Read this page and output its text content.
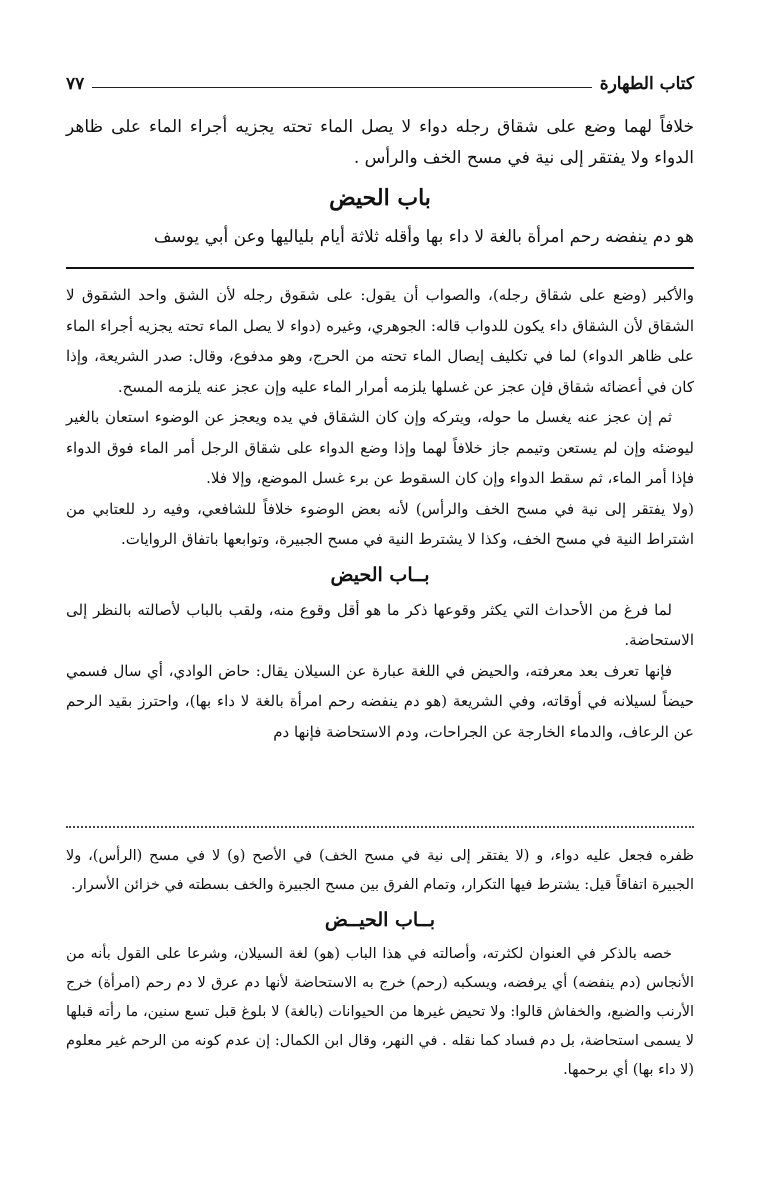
كتاب الطهارة
٧٧

خلافاً لهما وضع على شقاق رجله دواء لا يصل الماء تحته يجزيه أجراء الماء على ظاهر الدواء ولا يفتقر إلى نية في مسح الخف والرأس .

باب الحيض

هو دم ينفضه رحم امرأة بالغة لا داء بها وأقله ثلاثة أيام بلياليها وعن أبي يوسف

والأكبر (وضع على شقاق رجله)، والصواب أن يقول: على شقوق رجله لأن الشق واحد الشقوق لا الشقاق لأن الشقاق داء يكون للدواب قاله: الجوهري، وغيره (دواء لا يصل الماء تحته يجزيه أجراء الماء على ظاهر الدواء) لما في تكليف إيصال الماء تحته من الحرج، وهو مدفوع، وقال: صدر الشريعة، وإذا كان في أعضائه شقاق فإن عجز عن غسلها يلزمه أمرار الماء عليه وإن عجز عنه يلزمه المسح.

ثم إن عجز عنه يغسل ما حوله، ويتركه وإن كان الشقاق في يده ويعجز عن الوضوء استعان بالغير ليوضئه وإن لم يستعن وتيمم جاز خلافاً لهما وإذا وضع الدواء على شقاق الرجل أمر الماء فوق الدواء فإذا أمر الماء، ثم سقط الدواء وإن كان السقوط عن برء غسل الموضع، وإلا فلا.

(ولا يفتقر إلى نية في مسح الخف والرأس) لأنه بعض الوضوء خلافاً للشافعي، وفيه رد للعتابي من اشتراط النية في مسح الخف، وكذا لا يشترط النية في مسح الجبيرة، وتوابعها باتفاق الروايات.

بــاب الحيض

لما فرغ من الأحداث التي يكثر وقوعها ذكر ما هو أقل وقوع منه، ولقب بالباب لأصالته بالنظر إلى الاستحاضة.

فإنها تعرف بعد معرفته، والحيض في اللغة عبارة عن السيلان يقال: حاض الوادي، أي سال فسمي حيضاً لسيلانه في أوقاته، وفي الشريعة (هو دم ينفضه رحم امرأة بالغة لا داء بها)، واحترز بقيد الرحم عن الرعاف، والدماء الخارجة عن الجراحات، ودم الاستحاضة فإنها دم

ظفره فجعل عليه دواء، و (لا يفتقر إلى نية في مسح الخف) في الأصح (و) لا في مسح (الرأس)، ولا الجبيرة اتفاقاً قيل: يشترط فيها التكرار، وتمام الفرق بين مسح الجبيرة والخف بسطته في خزائن الأسرار.

بــاب الحيــض

خصه بالذكر في العنوان لكثرته، وأصالته في هذا الباب (هو) لغة السيلان، وشرعا على القول بأنه من الأنجاس (دم ينفضه) أي يرفضه، ويسكبه (رحم) خرج به الاستحاضة لأنها دم عرق لا دم رحم (امرأة) خرج الأرنب والضبع، والخفاش قالوا: ولا تحيض غيرها من الحيوانات (بالغة) لا بلوغ قبل تسع سنين، ما رأته قبلها لا يسمى استحاضة، بل دم فساد كما نقله . في النهر، وقال ابن الكمال: إن عدم كونه من الرحم غير معلوم (لا داء بها) أي برحمها.
